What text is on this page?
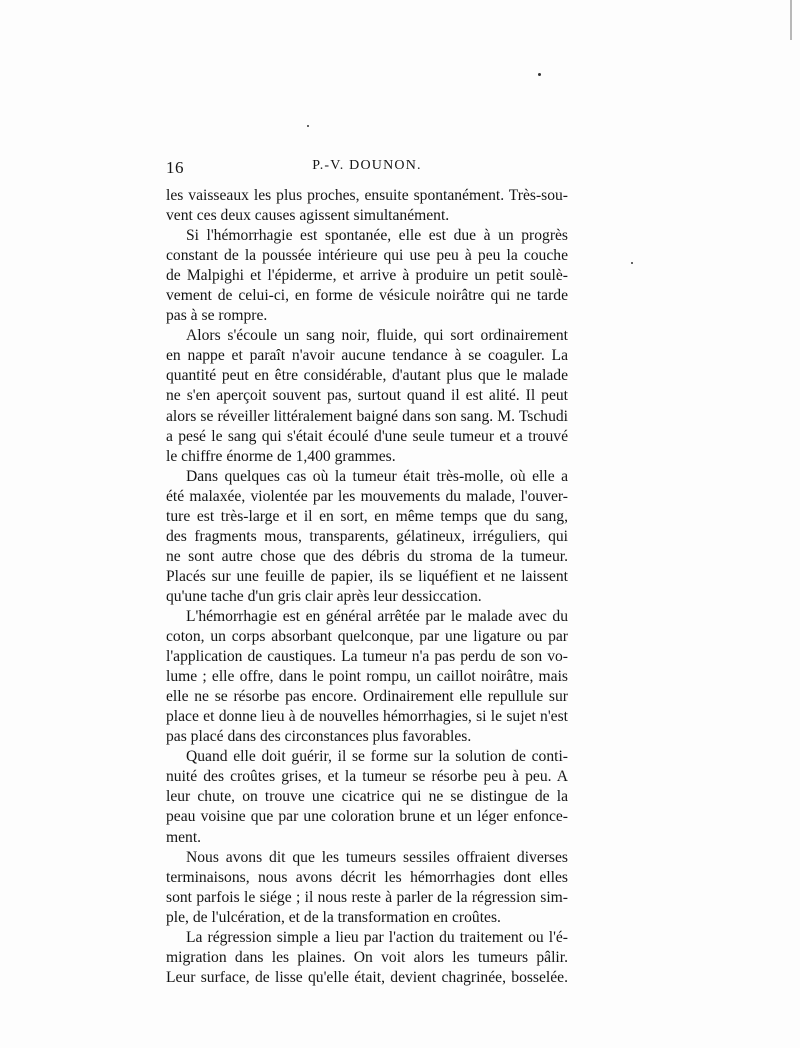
16	P.-V. DOUNON.
les vaisseaux les plus proches, ensuite spontanément. Très-sou-
vent ces deux causes agissent simultanément.
Si l'hémorrhagie est spontanée, elle est due à un progrès
constant de la poussée intérieure qui use peu à peu la couche
de Malpighi et l'épiderme, et arrive à produire un petit soulè-
vement de celui-ci, en forme de vésicule noirâtre qui ne tarde
pas à se rompre.
Alors s'écoule un sang noir, fluide, qui sort ordinairement
en nappe et paraît n'avoir aucune tendance à se coaguler. La
quantité peut en être considérable, d'autant plus que le malade
ne s'en aperçoit souvent pas, surtout quand il est alité. Il peut
alors se réveiller littéralement baigné dans son sang. M. Tschudi
a pesé le sang qui s'était écoulé d'une seule tumeur et a trouvé
le chiffre énorme de 1,400 grammes.
Dans quelques cas où la tumeur était très-molle, où elle a
été malaxée, violentée par les mouvements du malade, l'ouver-
ture est très-large et il en sort, en même temps que du sang,
des fragments mous, transparents, gélatineux, irréguliers, qui
ne sont autre chose que des débris du stroma de la tumeur.
Placés sur une feuille de papier, ils se liquéfient et ne laissent
qu'une tache d'un gris clair après leur dessiccation.
L'hémorrhagie est en général arrêtée par le malade avec du
coton, un corps absorbant quelconque, par une ligature ou par
l'application de caustiques. La tumeur n'a pas perdu de son vo-
lume ; elle offre, dans le point rompu, un caillot noirâtre, mais
elle ne se résorbe pas encore. Ordinairement elle repullule sur
place et donne lieu à de nouvelles hémorrhagies, si le sujet n'est
pas placé dans des circonstances plus favorables.
Quand elle doit guérir, il se forme sur la solution de conti-
nuité des croûtes grises, et la tumeur se résorbe peu à peu. A
leur chute, on trouve une cicatrice qui ne se distingue de la
peau voisine que par une coloration brune et un léger enfonce-
ment.
Nous avons dit que les tumeurs sessiles offraient diverses
terminaisons, nous avons décrit les hémorrhagies dont elles
sont parfois le siége ; il nous reste à parler de la régression sim-
ple, de l'ulcération, et de la transformation en croûtes.
La régression simple a lieu par l'action du traitement ou l'é-
migration dans les plaines. On voit alors les tumeurs pâlir.
Leur surface, de lisse qu'elle était, devient chagrinée, bosselée.
